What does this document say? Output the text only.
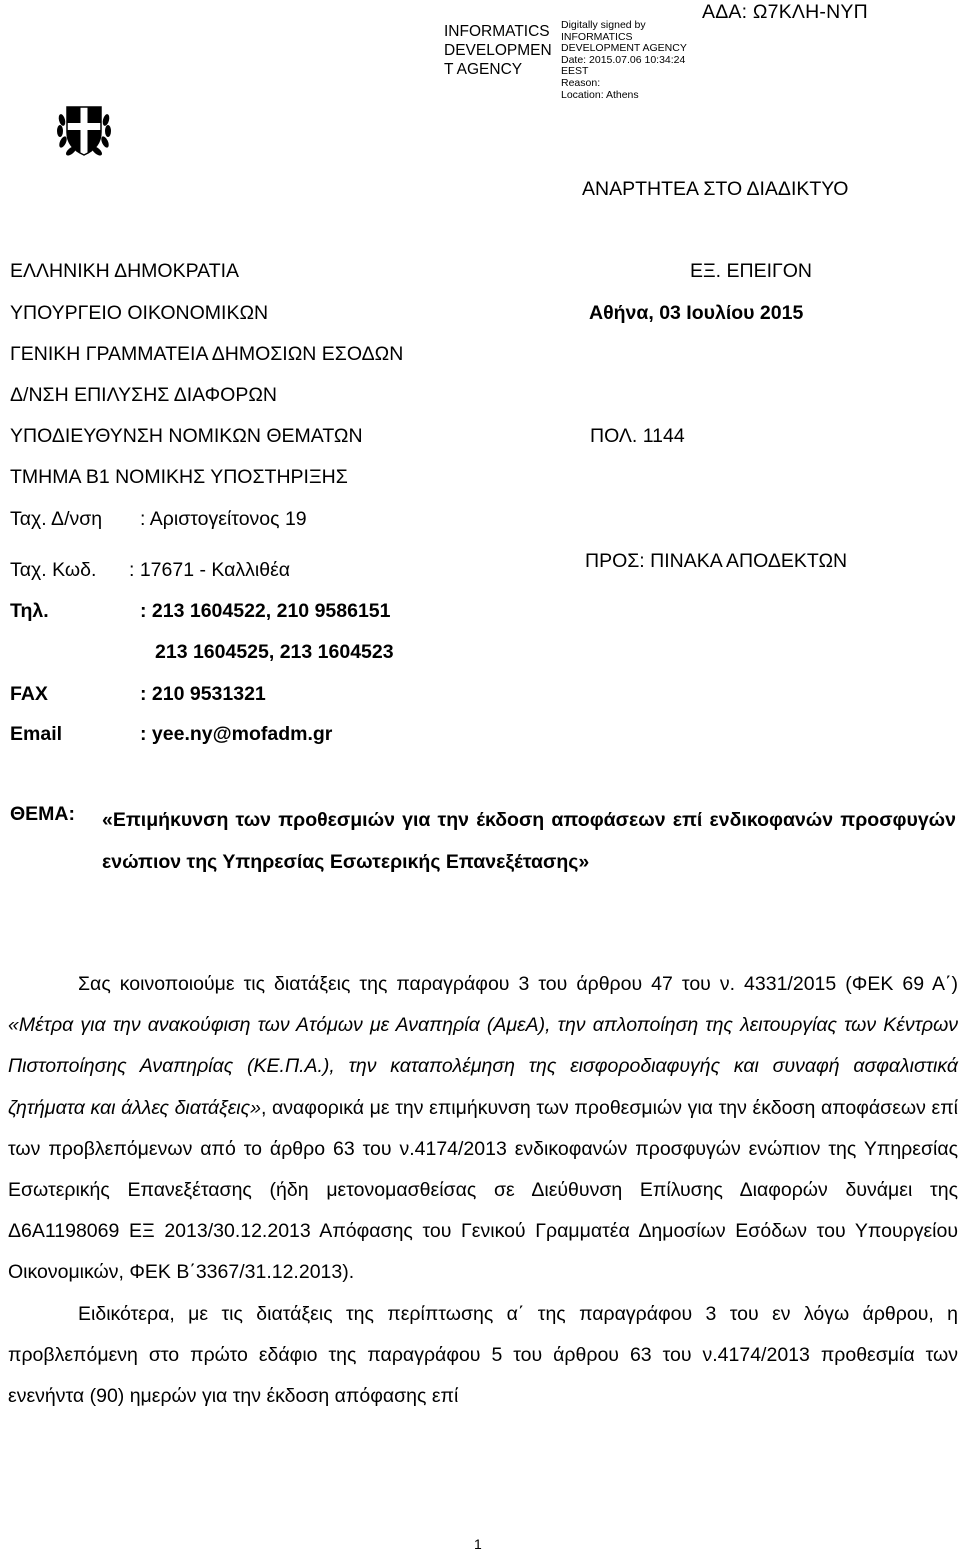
INFORMATICS
DEVELOPMEN
T AGENCY
Digitally signed by
INFORMATICS
DEVELOPMENT AGENCY
Date: 2015.07.06 10:34:24
EEST
Reason:
Location: Athens
ΑΔΑ: Ω7ΚΛΗ-ΝΥΠ
ΑΝΑΡΤΗΤΕΑ ΣΤΟ ΔΙΑΔΙΚΤΥΟ
ΕΛΛΗΝΙΚΗ ΔΗΜΟΚΡΑΤΙΑ
ΥΠΟΥΡΓΕΙΟ ΟΙΚΟΝΟΜΙΚΩΝ
ΓΕΝΙΚΗ ΓΡΑΜΜΑΤΕΙΑ ΔΗΜΟΣΙΩΝ ΕΣΟΔΩΝ
Δ/ΝΣΗ ΕΠΙΛΥΣΗΣ ΔΙΑΦΟΡΩΝ
ΥΠΟΔΙΕΥΘΥΝΣΗ ΝΟΜΙΚΩΝ ΘΕΜΑΤΩΝ
ΤΜΗΜΑ Β1 ΝΟΜΙΚΗΣ ΥΠΟΣΤΗΡΙΞΗΣ
Ταχ. Δ/νση : Αριστογείτονος 19
Ταχ. Κωδ. : 17671 - Καλλιθέα
Τηλ.	: 213 1604522, 210 9586151
213 1604525, 213 1604523
FAX	: 210 9531321
Email	: yee.ny@mofadm.gr
ΕΞ. ΕΠΕΙΓΟΝ
Αθήνα, 03 Ιουλίου 2015
ΠΟΛ. 1144
ΠΡΟΣ: ΠΙΝΑΚΑ ΑΠΟΔΕΚΤΩΝ
ΘΕΜΑ: «Επιμήκυνση των προθεσμιών για την έκδοση αποφάσεων επί ενδικοφανών προσφυγών ενώπιον της Υπηρεσίας Εσωτερικής Επανεξέτασης»

Σας κοινοποιούμε τις διατάξεις της παραγράφου 3 του άρθρου 47 του ν. 4331/2015 (ΦΕΚ 69 Α΄) «Μέτρα για την ανακούφιση των Ατόμων με Αναπηρία (ΑμεΑ), την απλοποίηση της λειτουργίας των Κέντρων Πιστοποίησης Αναπηρίας (ΚΕ.Π.Α.), την καταπολέμηση της εισφοροδιαφυγής και συναφή ασφαλιστικά ζητήματα και άλλες διατάξεις», αναφορικά με την επιμήκυνση των προθεσμιών για την έκδοση αποφάσεων επί των προβλεπόμενων από το άρθρο 63 του ν.4174/2013 ενδικοφανών προσφυγών ενώπιον της Υπηρεσίας Εσωτερικής Επανεξέτασης (ήδη μετονομασθείσας σε Διεύθυνση Επίλυσης Διαφορών δυνάμει της Δ6Α1198069 ΕΞ 2013/30.12.2013 Απόφασης του Γενικού Γραμματέα Δημοσίων Εσόδων του Υπουργείου Οικονομικών, ΦΕΚ Β΄3367/31.12.2013).

Ειδικότερα, με τις διατάξεις της περίπτωσης α΄ της παραγράφου 3 του εν λόγω άρθρου, η προβλεπόμενη στο πρώτο εδάφιο της παραγράφου 5 του άρθρου 63 του ν.4174/2013 προθεσμία των ενενήντα (90) ημερών για την έκδοση απόφασης επί

1
